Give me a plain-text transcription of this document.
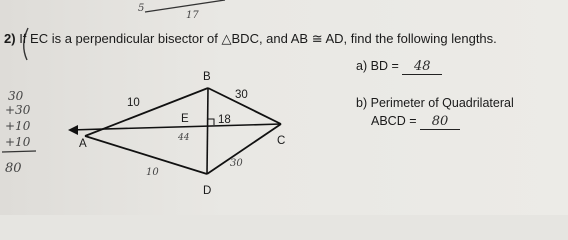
5
17
B
D
A	C
E
10
30
18
10
30
44
30
+30
+10
+10
80
2) If EC is a perpendicular bisector of △BDC, and AB ≅ AD, find the following lengths.
a) BD = 48
b) Perimeter of Quadrilateral
ABCD = 80
